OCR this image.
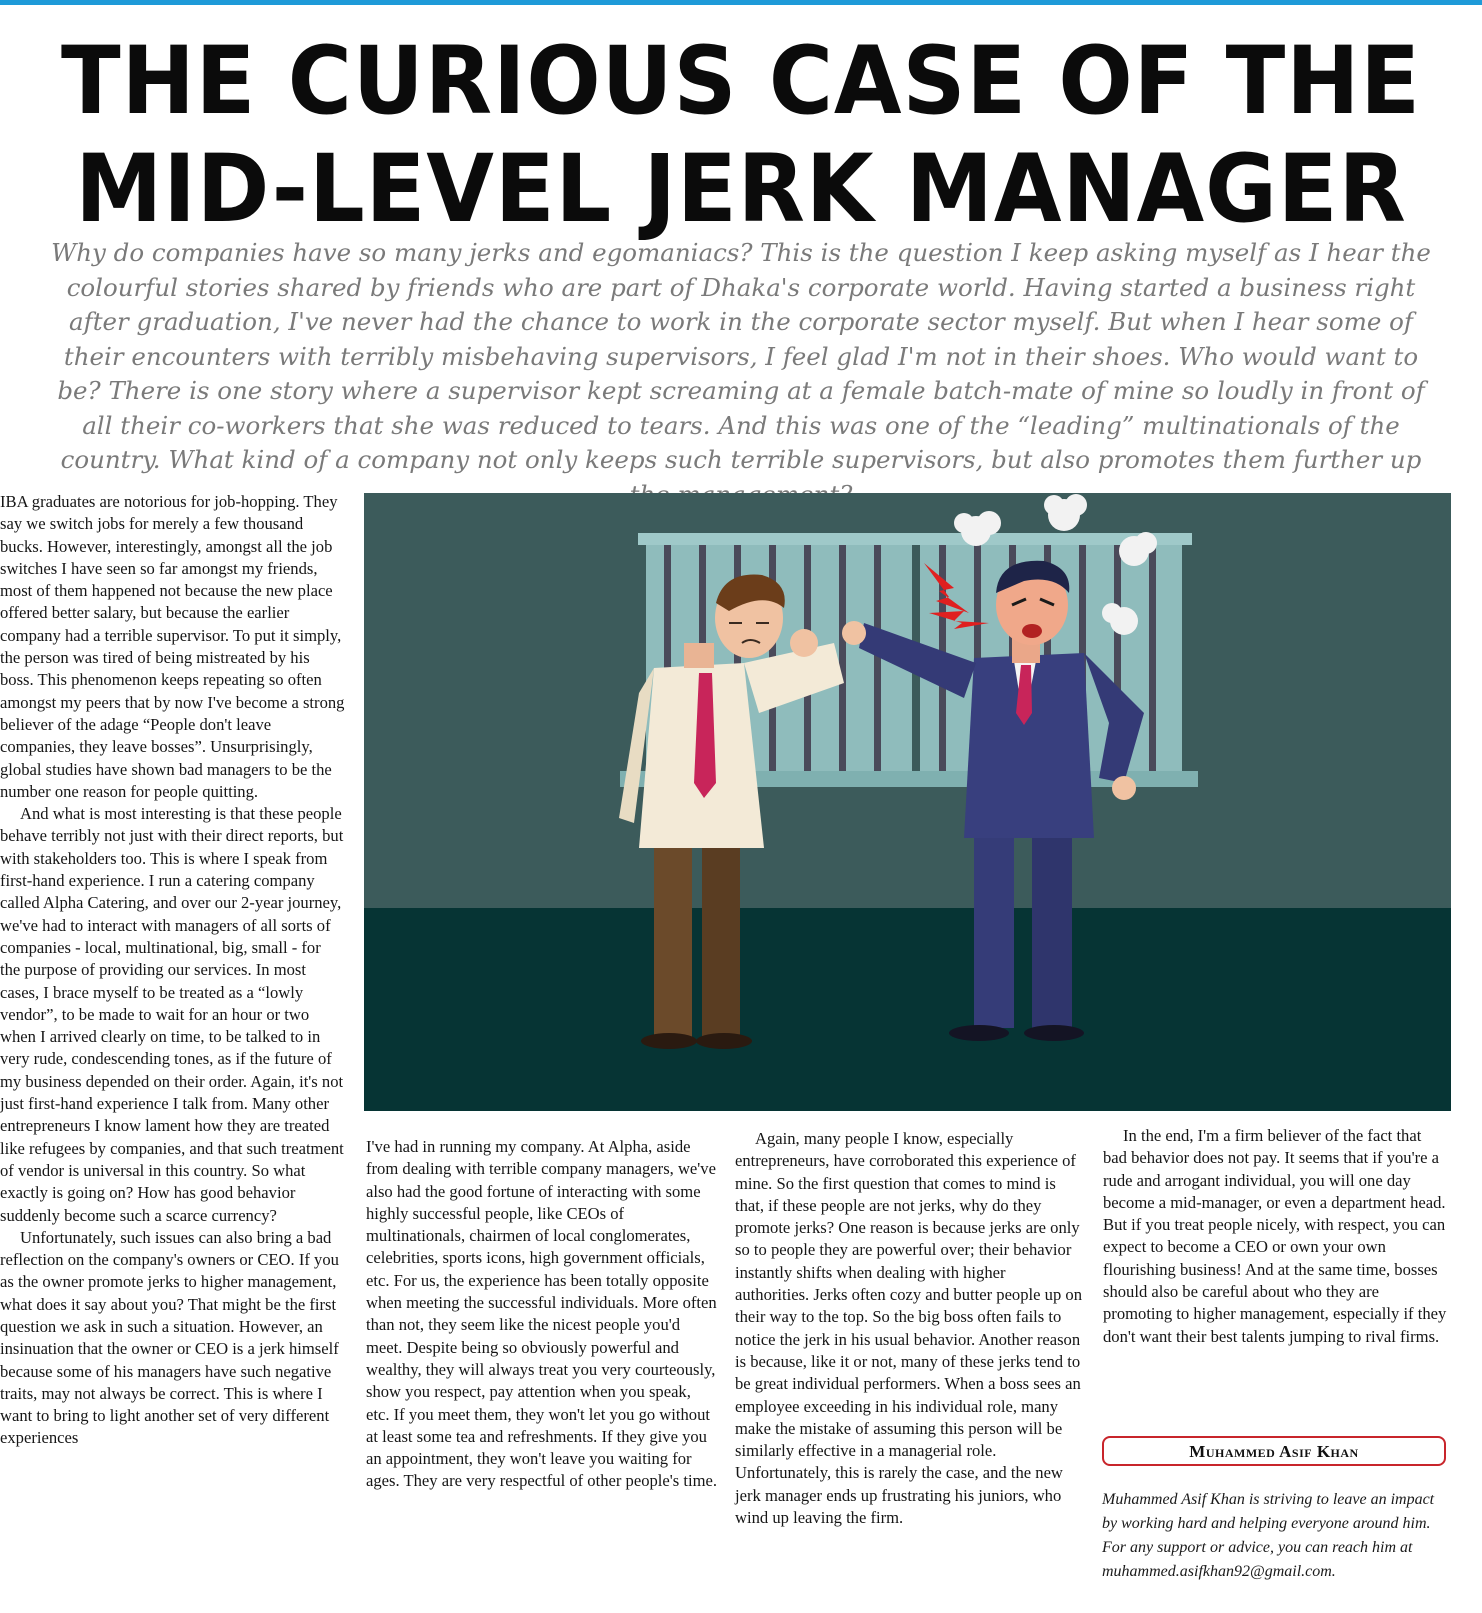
THE CURIOUS CASE OF THE
MID-LEVEL JERK MANAGER

Why do companies have so many jerks and egomaniacs? This is the question I keep asking myself as I hear the colourful stories shared by friends who are part of Dhaka's corporate world. Having started a business right after graduation, I've never had the chance to work in the corporate sector myself. But when I hear some of their encounters with terribly misbehaving supervisors, I feel glad I'm not in their shoes. Who would want to be? There is one story where a supervisor kept screaming at a female batch-mate of mine so loudly in front of all their co-workers that she was reduced to tears. And this was one of the “leading” multinationals of the country. What kind of a company not only keeps such terrible supervisors, but also promotes them further up

IBA graduates are notorious for job-hopping. They say we switch jobs for merely a few thousand bucks. However, interestingly, amongst all the job switches I have seen so far amongst my friends, most of them happened not because the new place offered better salary, but because the earlier company had a terrible supervisor. To put it simply, the person was tired of being mistreated by his boss. This phenomenon keeps repeating so often amongst my peers that by now I've become a strong believer of the adage “People don't leave companies, they leave bosses”. Unsurprisingly, global studies have shown bad managers to be the number one reason for people quitting.

And what is most interesting is that these people behave terribly not just with their direct reports, but with stakeholders too. This is where I speak from first-hand experience. I run a catering company called Alpha Catering, and over our 2-year journey, we've had to interact with managers of all sorts of companies - local, multinational, big, small - for the purpose of providing our services. In most cases, I brace myself to be treated as a “lowly vendor”, to be made to wait for an hour or two when I arrived clearly on time, to be talked to in very rude, condescending tones, as if the future of my business depended on their order. Again, it's not just first-hand experience I talk from. Many other entrepreneurs I know lament how they are treated like refugees by companies, and that such treatment of vendor is universal in this country. So what exactly is going on? How has good behavior suddenly become such a scarce currency?

Unfortunately, such issues can also bring a bad reflection on the company's owners or CEO. If you as the owner promote jerks to higher management, what does it say about you? That might be the first question we ask in such a situation. However, an insinuation that the owner or CEO is a jerk himself because some of his managers have such negative traits, may not always be correct. This is where I want to bring to light another set of very different experiences

I've had in running my company. At Alpha, aside from dealing with terrible company managers, we've also had the good fortune of interacting with some highly successful people, like CEOs of multinationals, chairmen of local conglomerates, celebrities, sports icons, high government officials, etc. For us, the experience has been totally opposite when meeting the successful individuals. More often than not, they seem like the nicest people you'd meet. Despite being so obviously powerful and wealthy, they will always treat you very courteously, show you respect, pay attention when you speak, etc. If you meet them, they won't let you go without at least some tea and refreshments. If they give you an appointment, they won't leave you waiting for ages. They are very respectful of other people's time.

Again, many people I know, especially entrepreneurs, have corroborated this experience of mine. So the first question that comes to mind is that, if these people are not jerks, why do they promote jerks? One reason is because jerks are only so to people they are powerful over; their behavior instantly shifts when dealing with higher authorities. Jerks often cozy and butter people up on their way to the top. So the big boss often fails to notice the jerk in his usual behavior. Another reason is because, like it or not, many of these jerks tend to be great individual performers. When a boss sees an employee exceeding in his individual role, many make the mistake of assuming this person will be similarly effective in a managerial role. Unfortunately, this is rarely the case, and the new jerk manager ends up frustrating his juniors, who wind up leaving the firm.

In the end, I'm a firm believer of the fact that bad behavior does not pay. It seems that if you're a rude and arrogant individual, you will one day become a mid-manager, or even a department head. But if you treat people nicely, with respect, you can expect to become a CEO or own your own flourishing business! And at the same time, bosses should also be careful about who they are promoting to higher management, especially if they don't want their best talents jumping to rival firms.

Muhammed Asif Khan

Muhammed Asif Khan is striving to leave an impact by working hard and helping everyone around him. For any support or advice, you can reach him at muhammed.asifkhan92@gmail.com.
